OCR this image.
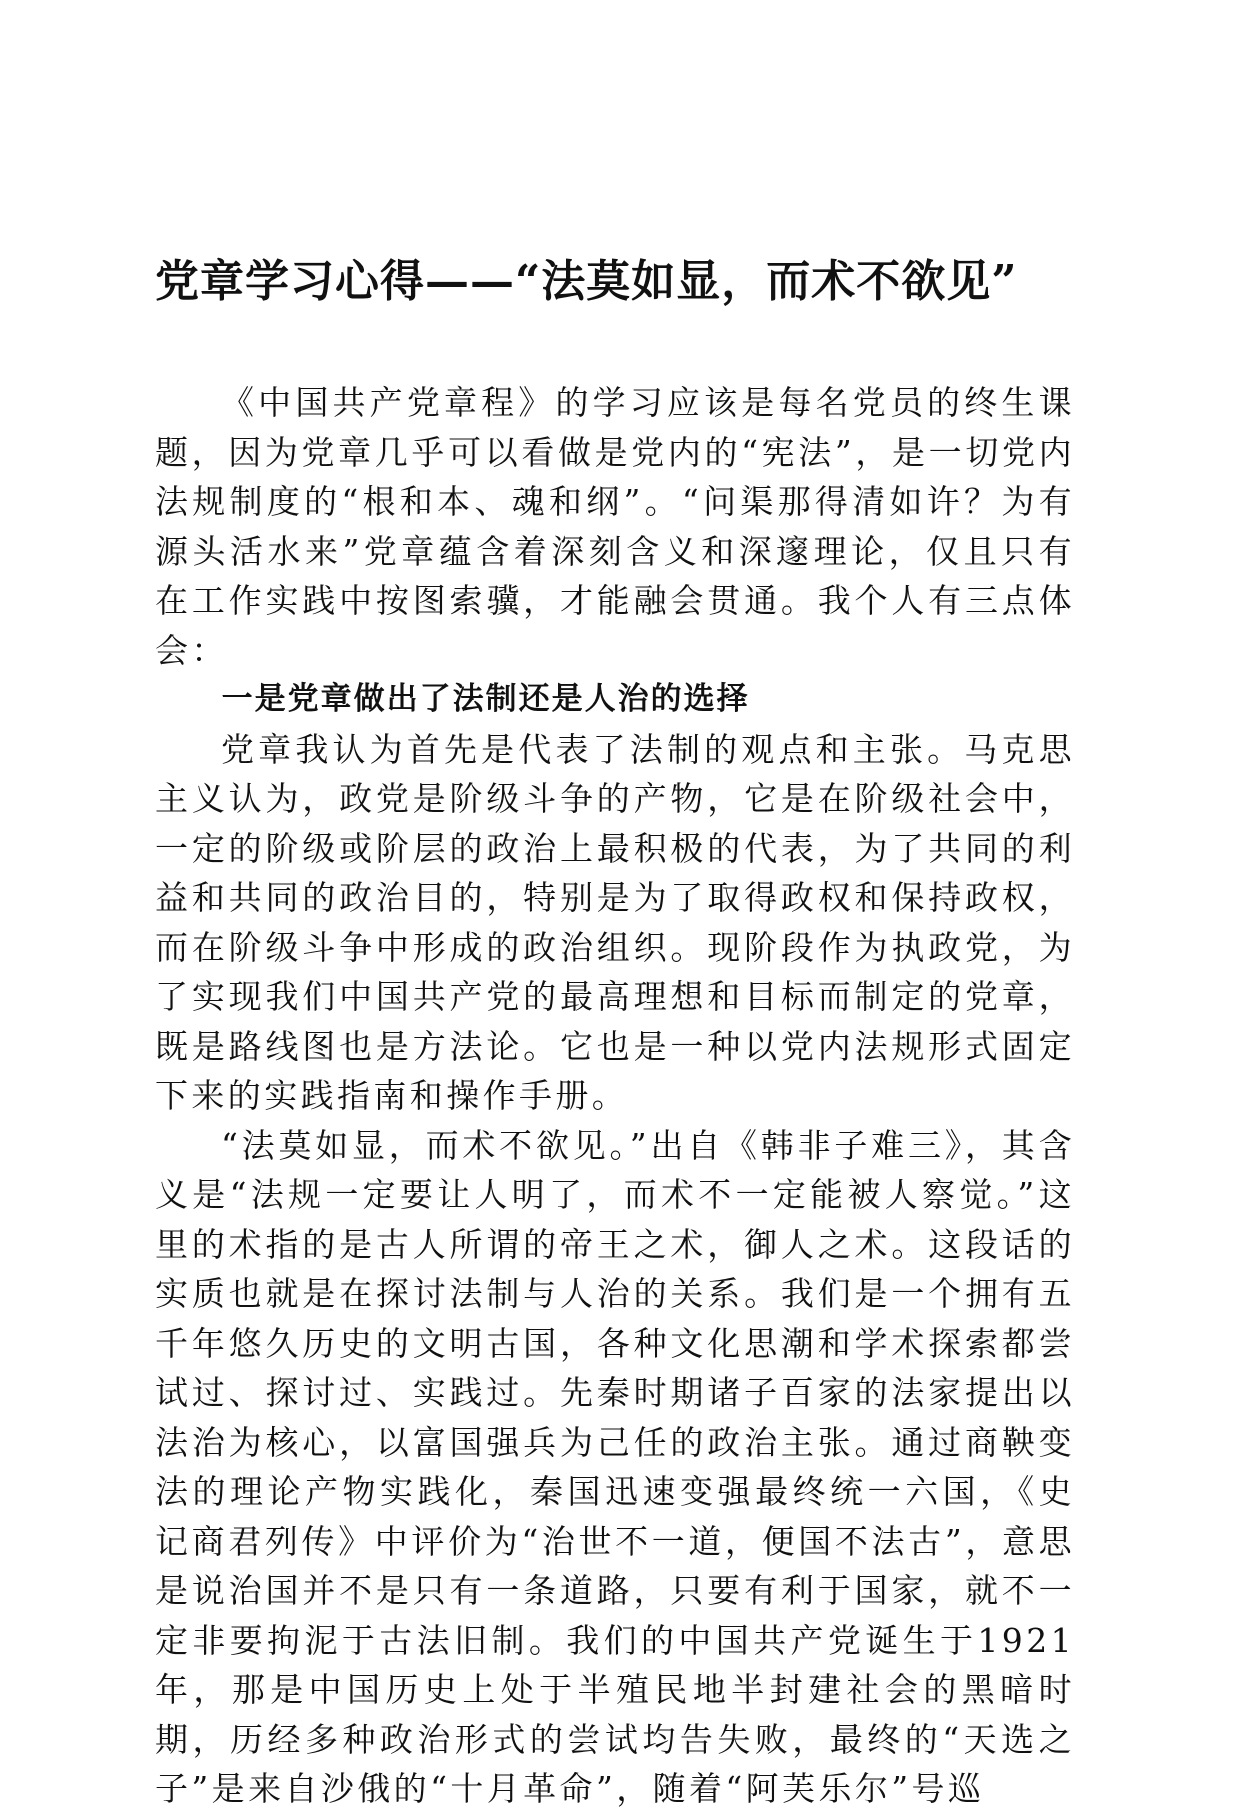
党章学习心得——“法莫如显，而术不欲见”

《中国共产党章程》的学习应该是每名党员的终生课题，因为党章几乎可以看做是党内的“宪法”，是一切党内法规制度的“根和本、魂和纲”。“问渠那得清如许？为有源头活水来”党章蕴含着深刻含义和深邃理论，仅且只有在工作实践中按图索骥，才能融会贯通。我个人有三点体会：

一是党章做出了法制还是人治的选择

党章我认为首先是代表了法制的观点和主张。马克思主义认为，政党是阶级斗争的产物，它是在阶级社会中，一定的阶级或阶层的政治上最积极的代表，为了共同的利益和共同的政治目的，特别是为了取得政权和保持政权，而在阶级斗争中形成的政治组织。现阶段作为执政党，为了实现我们中国共产党的最高理想和目标而制定的党章，既是路线图也是方法论。它也是一种以党内法规形式固定下来的实践指南和操作手册。

“法莫如显，而术不欲见。”出自《韩非子难三》，其含义是“法规一定要让人明了，而术不一定能被人察觉。”这里的术指的是古人所谓的帝王之术，御人之术。这段话的实质也就是在探讨法制与人治的关系。我们是一个拥有五千年悠久历史的文明古国，各种文化思潮和学术探索都尝试过、探讨过、实践过。先秦时期诸子百家的法家提出以法治为核心，以富国强兵为己任的政治主张。通过商鞅变法的理论产物实践化，秦国迅速变强最终统一六国，《史记商君列传》中评价为“治世不一道，便国不法古”，意思是说治国并不是只有一条道路，只要有利于国家，就不一定非要拘泥于古法旧制。我们的中国共产党诞生于1921年，那是中国历史上处于半殖民地半封建社会的黑暗时期，历经多种政治形式的尝试均告失败，最终的“天选之子”是来自沙俄的“十月革命”，随着“阿芙乐尔”号巡
